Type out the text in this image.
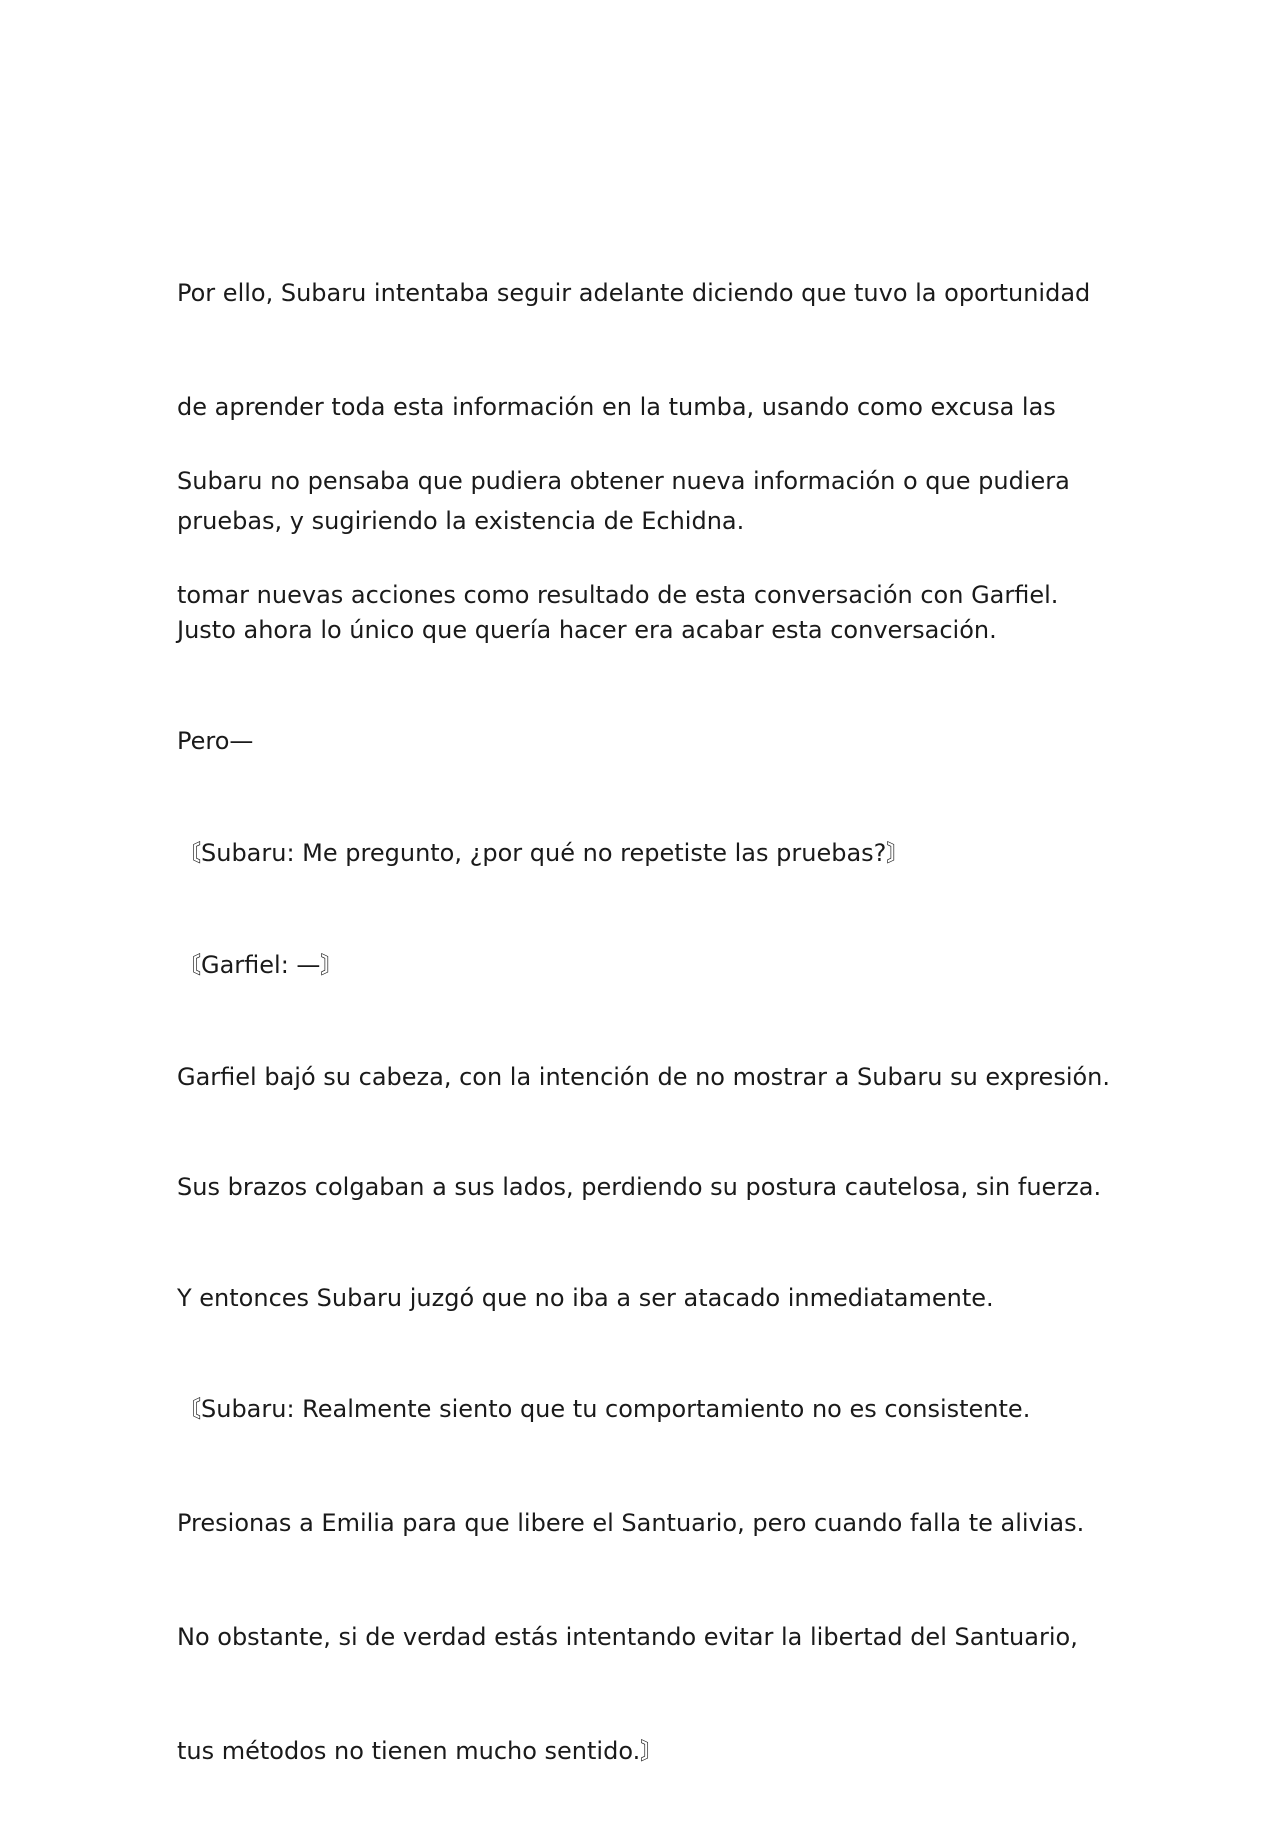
Por ello, Subaru intentaba seguir adelante diciendo que tuvo la oportunidad

de aprender toda esta información en la tumba, usando como excusa las

pruebas, y sugiriendo la existencia de Echidna.

Subaru no pensaba que pudiera obtener nueva información o que pudiera

tomar nuevas acciones como resultado de esta conversación con Garfiel.

Justo ahora lo único que quería hacer era acabar esta conversación.

Pero—

〘Subaru: Me pregunto, ¿por qué no repetiste las pruebas?〙

〘Garfiel: —〙

Garfiel bajó su cabeza, con la intención de no mostrar a Subaru su expresión.

Sus brazos colgaban a sus lados, perdiendo su postura cautelosa, sin fuerza.

Y entonces Subaru juzgó que no iba a ser atacado inmediatamente.

〘Subaru: Realmente siento que tu comportamiento no es consistente.

Presionas a Emilia para que libere el Santuario, pero cuando falla te alivias.

No obstante, si de verdad estás intentando evitar la libertad del Santuario,

tus métodos no tienen mucho sentido.〙
